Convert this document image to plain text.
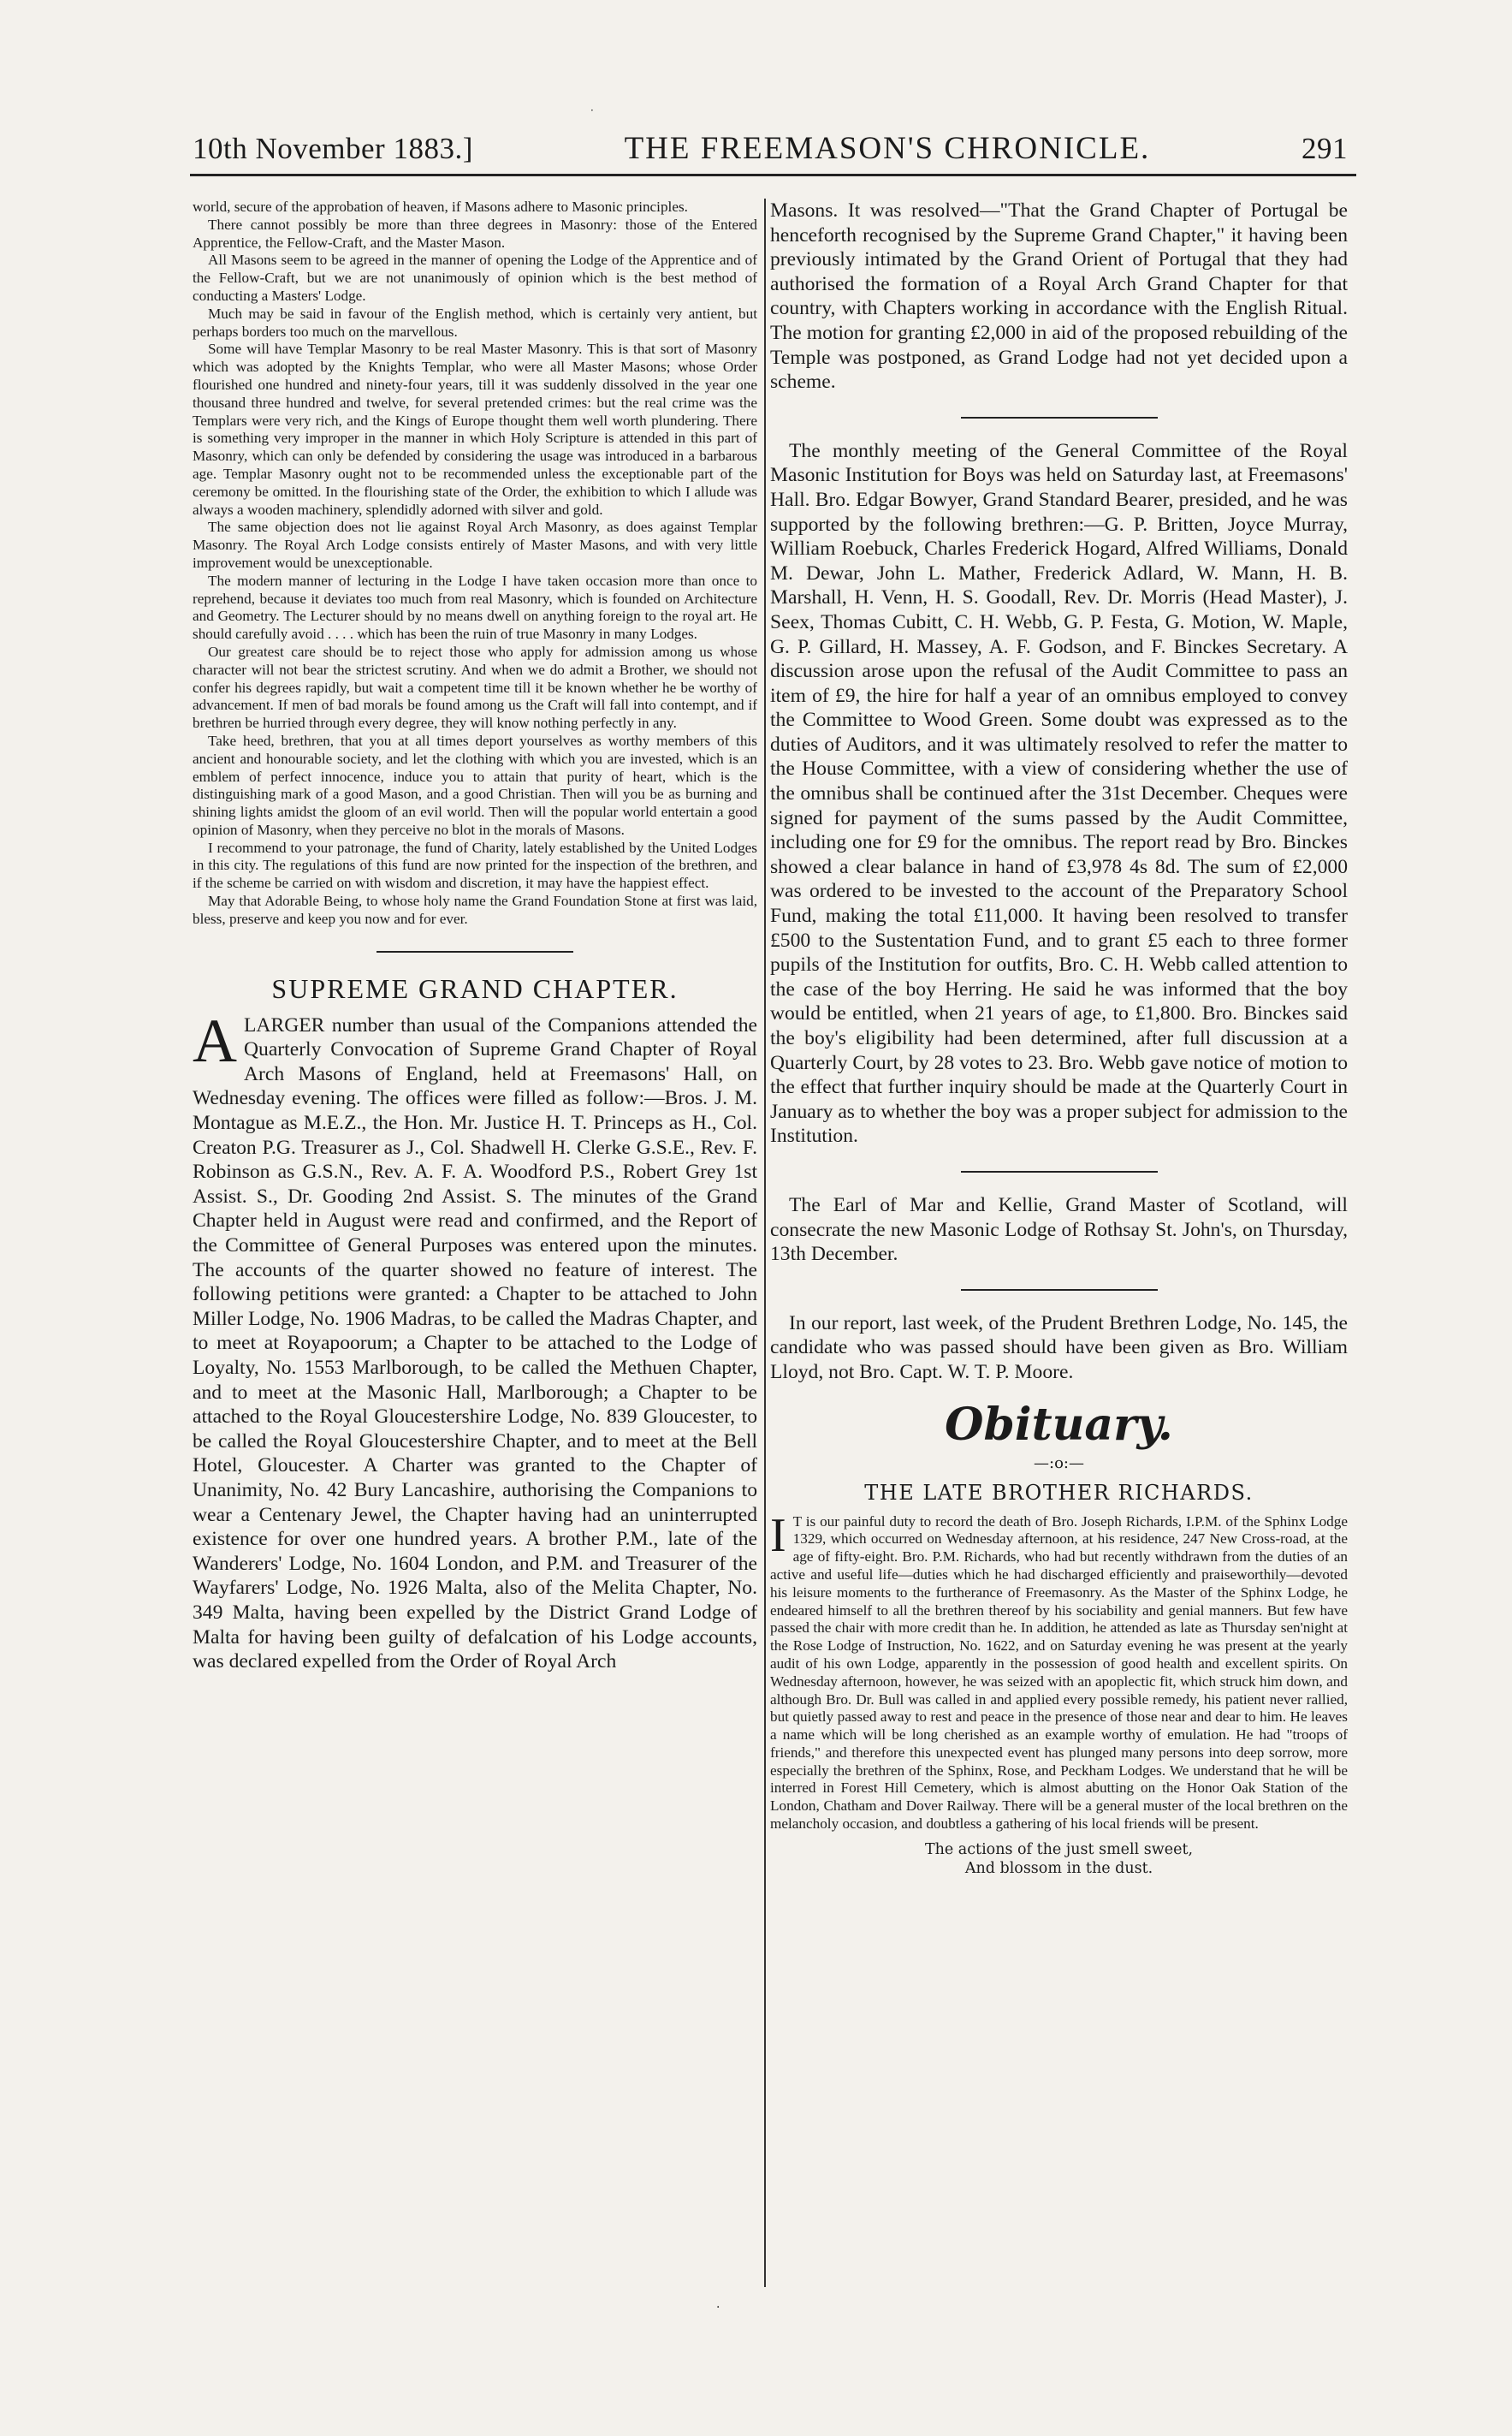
·
10th November 1883.]	THE FREEMASON'S CHRONICLE.	291

world, secure of the approbation of heaven, if Masons adhere to Masonic principles.

There cannot possibly be more than three degrees in Masonry: those of the Entered Apprentice, the Fellow-Craft, and the Master Mason.

All Masons seem to be agreed in the manner of opening the Lodge of the Apprentice and of the Fellow-Craft, but we are not unanimously of opinion which is the best method of conducting a Masters' Lodge.

Much may be said in favour of the English method, which is certainly very antient, but perhaps borders too much on the marvellous.

Some will have Templar Masonry to be real Master Masonry. This is that sort of Masonry which was adopted by the Knights Templar, who were all Master Masons; whose Order flourished one hundred and ninety-four years, till it was suddenly dissolved in the year one thousand three hundred and twelve, for several pretended crimes: but the real crime was the Templars were very rich, and the Kings of Europe thought them well worth plundering. There is something very improper in the manner in which Holy Scripture is attended in this part of Masonry, which can only be defended by considering the usage was introduced in a barbarous age. Templar Masonry ought not to be recommended unless the exceptionable part of the ceremony be omitted. In the flourishing state of the Order, the exhibition to which I allude was always a wooden machinery, splendidly adorned with silver and gold.

The same objection does not lie against Royal Arch Masonry, as does against Templar Masonry. The Royal Arch Lodge consists entirely of Master Masons, and with very little improvement would be unexceptionable.

The modern manner of lecturing in the Lodge I have taken occasion more than once to reprehend, because it deviates too much from real Masonry, which is founded on Architecture and Geometry. The Lecturer should by no means dwell on anything foreign to the royal art. He should carefully avoid . . . . which has been the ruin of true Masonry in many Lodges.

Our greatest care should be to reject those who apply for admission among us whose character will not bear the strictest scrutiny. And when we do admit a Brother, we should not confer his degrees rapidly, but wait a competent time till it be known whether he be worthy of advancement. If men of bad morals be found among us the Craft will fall into contempt, and if brethren be hurried through every degree, they will know nothing perfectly in any.

Take heed, brethren, that you at all times deport yourselves as worthy members of this ancient and honourable society, and let the clothing with which you are invested, which is an emblem of perfect innocence, induce you to attain that purity of heart, which is the distinguishing mark of a good Mason, and a good Christian. Then will you be as burning and shining lights amidst the gloom of an evil world. Then will the popular world entertain a good opinion of Masonry, when they perceive no blot in the morals of Masons.

I recommend to your patronage, the fund of Charity, lately established by the United Lodges in this city. The regulations of this fund are now printed for the inspection of the brethren, and if the scheme be carried on with wisdom and discretion, it may have the happiest effect.

May that Adorable Being, to whose holy name the Grand Foundation Stone at first was laid, bless, preserve and keep you now and for ever.

SUPREME GRAND CHAPTER.
A LARGER number than usual of the Companions attended the Quarterly Convocation of Supreme Grand Chapter of Royal Arch Masons of England, held at Freemasons' Hall, on Wednesday evening. The offices were filled as follow:—Bros. J. M. Montague as M.E.Z., the Hon. Mr. Justice H. T. Princeps as H., Col. Creaton P.G. Treasurer as J., Col. Shadwell H. Clerke G.S.E., Rev. F. Robinson as G.S.N., Rev. A. F. A. Woodford P.S., Robert Grey 1st Assist. S., Dr. Gooding 2nd Assist. S. The minutes of the Grand Chapter held in August were read and confirmed, and the Report of the Committee of General Purposes was entered upon the minutes. The accounts of the quarter showed no feature of interest. The following petitions were granted: a Chapter to be attached to John Miller Lodge, No. 1906 Madras, to be called the Madras Chapter, and to meet at Royapoorum; a Chapter to be attached to the Lodge of Loyalty, No. 1553 Marlborough, to be called the Methuen Chapter, and to meet at the Masonic Hall, Marlborough; a Chapter to be attached to the Royal Gloucestershire Lodge, No. 839 Gloucester, to be called the Royal Gloucestershire Chapter, and to meet at the Bell Hotel, Gloucester. A Charter was granted to the Chapter of Unanimity, No. 42 Bury Lancashire, authorising the Companions to wear a Centenary Jewel, the Chapter having had an uninterrupted existence for over one hundred years. A brother P.M., late of the Wanderers' Lodge, No. 1604 London, and P.M. and Treasurer of the Wayfarers' Lodge, No. 1926 Malta, also of the Melita Chapter, No. 349 Malta, having been expelled by the District Grand Lodge of Malta for having been guilty of defalcation of his Lodge accounts, was declared expelled from the Order of Royal Arch

Masons. It was resolved—"That the Grand Chapter of Portugal be henceforth recognised by the Supreme Grand Chapter," it having been previously intimated by the Grand Orient of Portugal that they had authorised the formation of a Royal Arch Grand Chapter for that country, with Chapters working in accordance with the English Ritual. The motion for granting £2,000 in aid of the proposed rebuilding of the Temple was postponed, as Grand Lodge had not yet decided upon a scheme.

The monthly meeting of the General Committee of the Royal Masonic Institution for Boys was held on Saturday last, at Freemasons' Hall. Bro. Edgar Bowyer, Grand Standard Bearer, presided, and he was supported by the following brethren:—G. P. Britten, Joyce Murray, William Roebuck, Charles Frederick Hogard, Alfred Williams, Donald M. Dewar, John L. Mather, Frederick Adlard, W. Mann, H. B. Marshall, H. Venn, H. S. Goodall, Rev. Dr. Morris (Head Master), J. Seex, Thomas Cubitt, C. H. Webb, G. P. Festa, G. Motion, W. Maple, G. P. Gillard, H. Massey, A. F. Godson, and F. Binckes Secretary. A discussion arose upon the refusal of the Audit Committee to pass an item of £9, the hire for half a year of an omnibus employed to convey the Committee to Wood Green. Some doubt was expressed as to the duties of Auditors, and it was ultimately resolved to refer the matter to the House Committee, with a view of considering whether the use of the omnibus shall be continued after the 31st December. Cheques were signed for payment of the sums passed by the Audit Committee, including one for £9 for the omnibus. The report read by Bro. Binckes showed a clear balance in hand of £3,978 4s 8d. The sum of £2,000 was ordered to be invested to the account of the Preparatory School Fund, making the total £11,000. It having been resolved to transfer £500 to the Sustentation Fund, and to grant £5 each to three former pupils of the Institution for outfits, Bro. C. H. Webb called attention to the case of the boy Herring. He said he was informed that the boy would be entitled, when 21 years of age, to £1,800. Bro. Binckes said the boy's eligibility had been determined, after full discussion at a Quarterly Court, by 28 votes to 23. Bro. Webb gave notice of motion to the effect that further inquiry should be made at the Quarterly Court in January as to whether the boy was a proper subject for admission to the Institution.

The Earl of Mar and Kellie, Grand Master of Scotland, will consecrate the new Masonic Lodge of Rothsay St. John's, on Thursday, 13th December.

In our report, last week, of the Prudent Brethren Lodge, No. 145, the candidate who was passed should have been given as Bro. William Lloyd, not Bro. Capt. W. T. P. Moore.

Obituary.
—:o:—
THE LATE BROTHER RICHARDS.
I T is our painful duty to record the death of Bro. Joseph Richards, I.P.M. of the Sphinx Lodge 1329, which occurred on Wednesday afternoon, at his residence, 247 New Cross-road, at the age of fifty-eight. Bro. P.M. Richards, who had but recently withdrawn from the duties of an active and useful life—duties which he had discharged efficiently and praiseworthily—devoted his leisure moments to the furtherance of Freemasonry. As the Master of the Sphinx Lodge, he endeared himself to all the brethren thereof by his sociability and genial manners. But few have passed the chair with more credit than he. In addition, he attended as late as Thursday sen'night at the Rose Lodge of Instruction, No. 1622, and on Saturday evening he was present at the yearly audit of his own Lodge, apparently in the possession of good health and excellent spirits. On Wednesday afternoon, however, he was seized with an apoplectic fit, which struck him down, and although Bro. Dr. Bull was called in and applied every possible remedy, his patient never rallied, but quietly passed away to rest and peace in the presence of those near and dear to him. He leaves a name which will be long cherished as an example worthy of emulation. He had "troops of friends," and therefore this unexpected event has plunged many persons into deep sorrow, more especially the brethren of the Sphinx, Rose, and Peckham Lodges. We understand that he will be interred in Forest Hill Cemetery, which is almost abutting on the Honor Oak Station of the London, Chatham and Dover Railway. There will be a general muster of the local brethren on the melancholy occasion, and doubtless a gathering of his local friends will be present.

The actions of the just smell sweet,
And blossom in the dust.
·
